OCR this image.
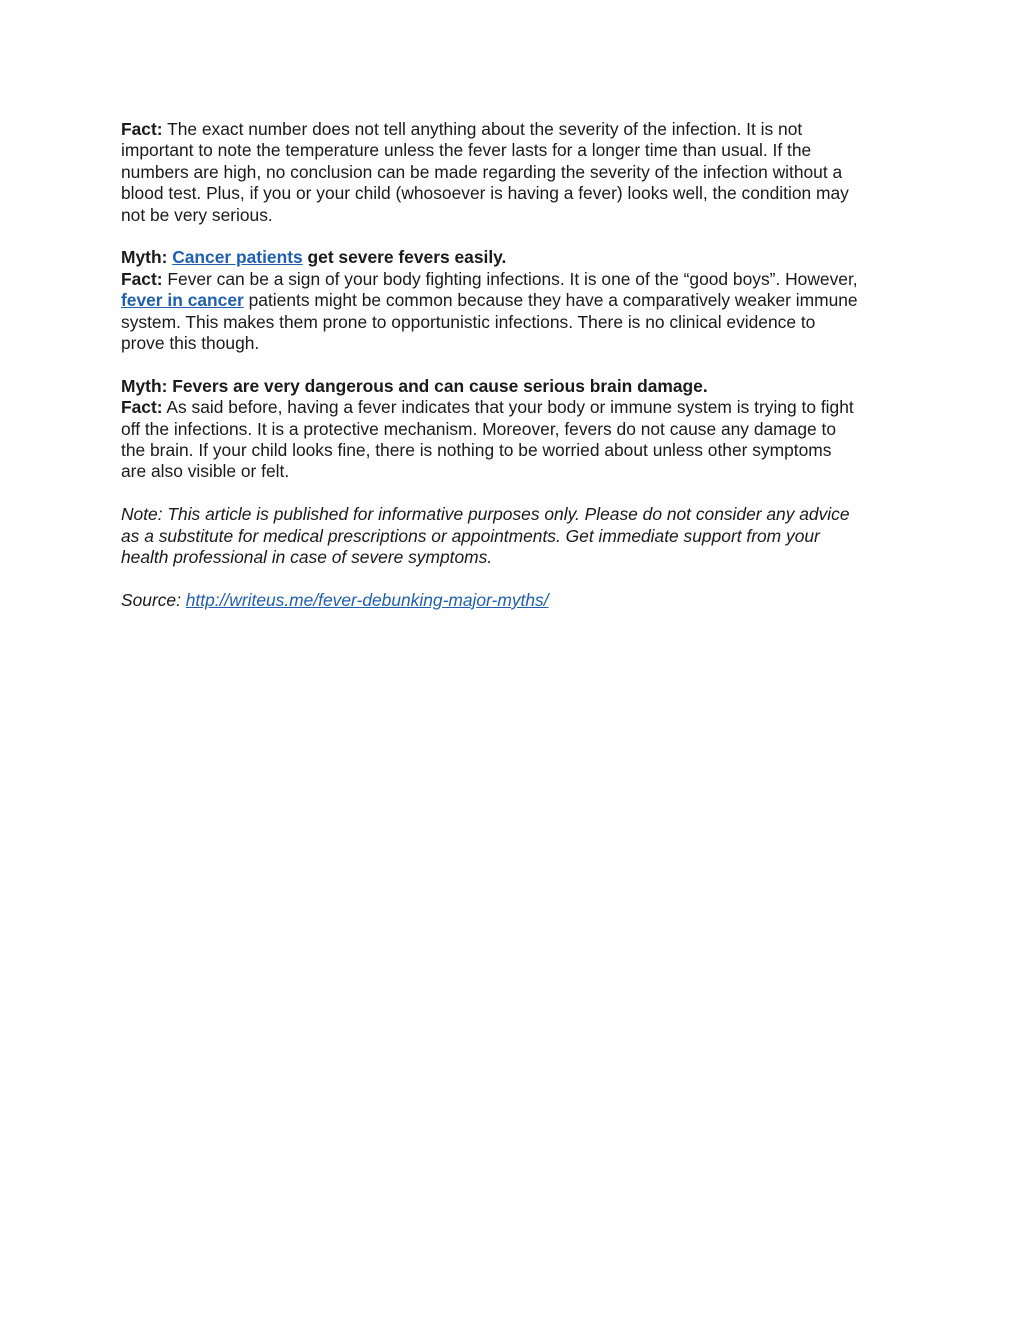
Fact: The exact number does not tell anything about the severity of the infection. It is not
important to note the temperature unless the fever lasts for a longer time than usual. If the
numbers are high, no conclusion can be made regarding the severity of the infection without a
blood test. Plus, if you or your child (whosoever is having a fever) looks well, the condition may
not be very serious.

Myth: Cancer patients get severe fevers easily.
Fact: Fever can be a sign of your body fighting infections. It is one of the “good boys”. However,
fever in cancer patients might be common because they have a comparatively weaker immune
system. This makes them prone to opportunistic infections. There is no clinical evidence to
prove this though.

Myth: Fevers are very dangerous and can cause serious brain damage.
Fact: As said before, having a fever indicates that your body or immune system is trying to fight
off the infections. It is a protective mechanism. Moreover, fevers do not cause any damage to
the brain. If your child looks fine, there is nothing to be worried about unless other symptoms
are also visible or felt.

Note: This article is published for informative purposes only. Please do not consider any advice
as a substitute for medical prescriptions or appointments. Get immediate support from your
health professional in case of severe symptoms.

Source: http://writeus.me/fever-debunking-major-myths/
